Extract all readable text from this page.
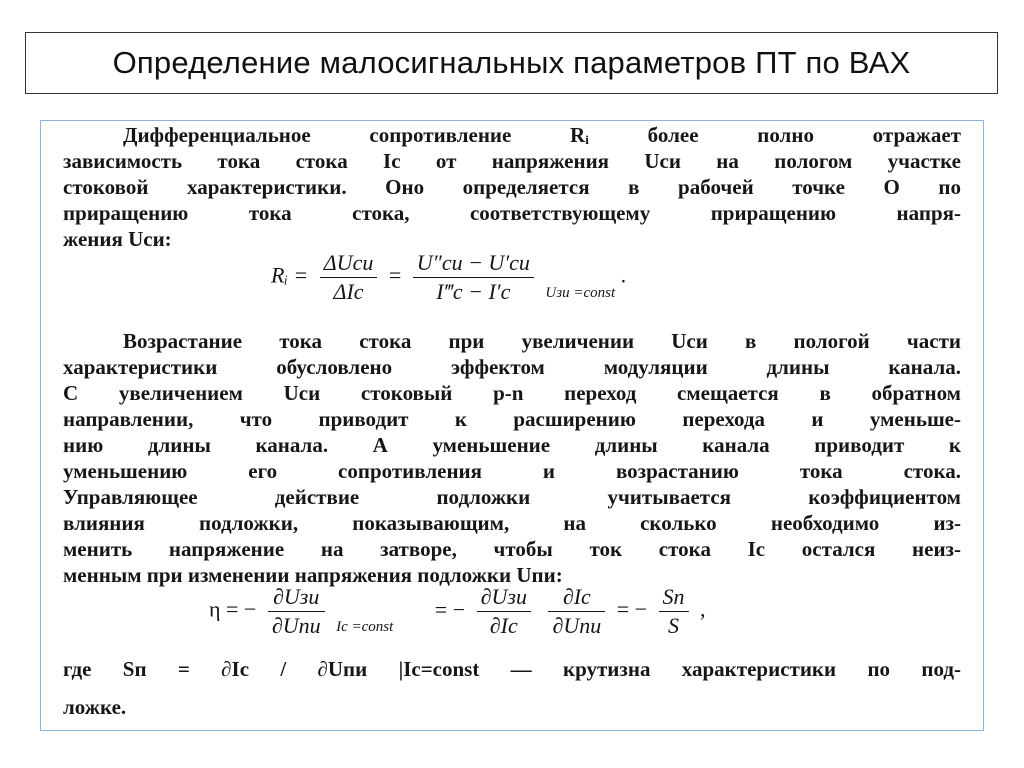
Определение малосигнальных параметров ПТ по ВАХ
Дифференциальное сопротивление Rᵢ более полно отражает
зависимость тока стока Iс от напряжения Uси на пологом участке
стоковой характеристики. Оно определяется в рабочей точке O по
приращению тока стока, соответствующему приращению напря-
жения Uси:
Rᵢ = $\frac{\text{ΔUси}}{\text{ΔIс}} = \frac{U''си - U'си}{I‴с - I'с} _{Uзи =const}$ .
Возрастание тока стока при увеличении Uси в пологой части
характеристики обусловлено эффектом модуляции длины канала.
С увеличением Uси стоковый p-n переход смещается в обратном
направлении, что приводит к расширению перехода и уменьше-
нию длины канала. А уменьшение длины канала приводит к
уменьшению его сопротивления и возрастанию тока стока.
Управляющее действие подложки учитывается коэффициентом
влияния подложки, показывающим, на сколько необходимо из-
менить напряжение на затворе, чтобы ток стока Iс остался неиз-
менным при изменении напряжения подложки Uпи:
η = − $\frac{\text{∂Uзи}}{\text{∂Uпи}} _{Iс =const}$ = − $\frac{\text{∂Uзи}}{\partial Iс}$
$\frac{\partial Iс}{\text{∂Uпи}}$ = − $\frac{Sп}{S}$ ,
где Sп = ∂Iс / ∂Uпи |Iс=const — крутизна характеристики по под-
ложке.
